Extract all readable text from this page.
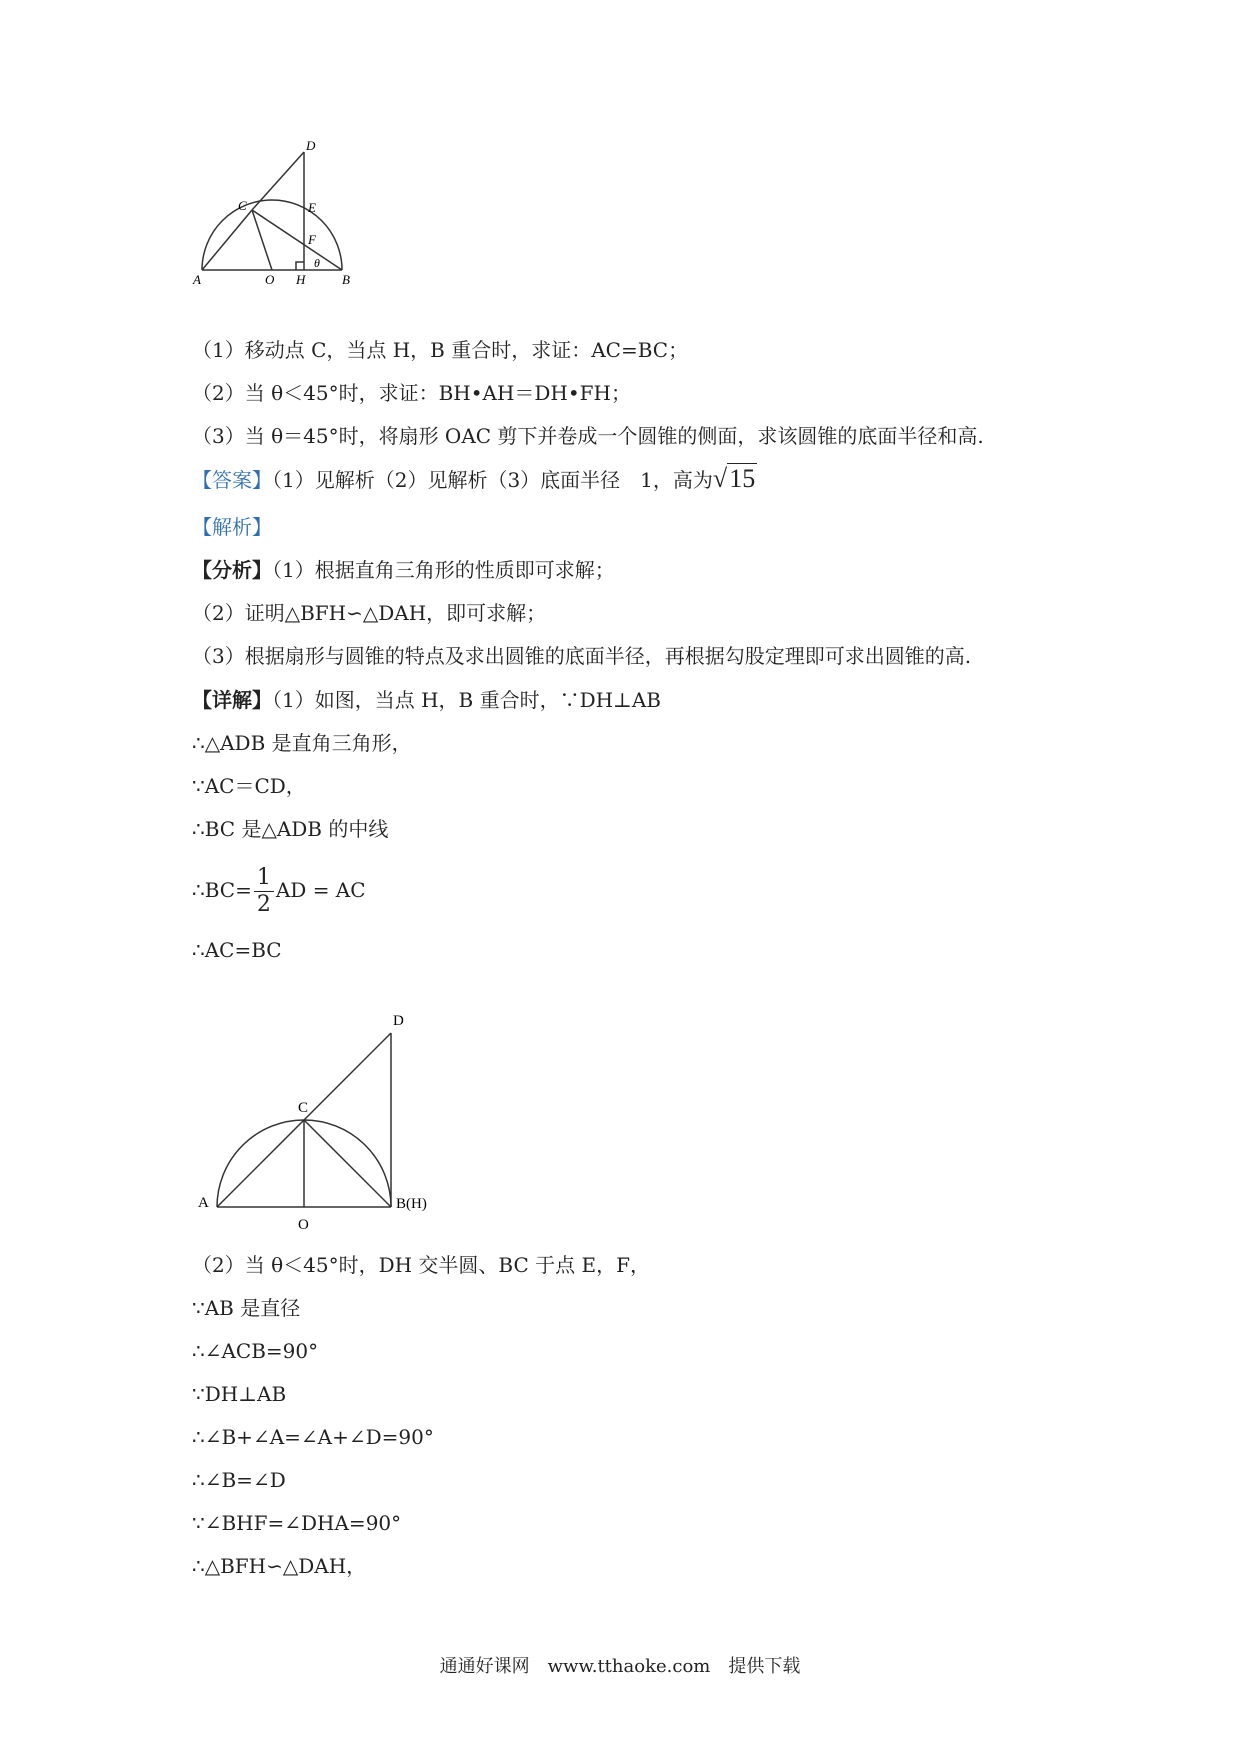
D
C	E
F
θ
A	O H	B
（1）移动点 C，当点 H，B 重合时，求证：AC=BC；
（2）当 θ＜45°时，求证：BH•AH＝DH•FH；
（3）当 θ＝45°时，将扇形 OAC 剪下并卷成一个圆锥的侧面，求该圆锥的底面半径和高.
【答案】（1）见解析（2）见解析（3）底面半径　1，高为√15
【解析】
【分析】（1）根据直角三角形的性质即可求解；
（2）证明△BFH∽△DAH，即可求解；
（3）根据扇形与圆锥的特点及求出圆锥的底面半径，再根据勾股定理即可求出圆锥的高.
【详解】（1）如图，当点 H，B 重合时，∵DH⊥AB
∴△ADB 是直角三角形，
∵AC＝CD，
∴BC 是△ADB 的中线
∴BC= $\frac{1}{2}$ AD = AC
∴AC=BC
D
C
A
O
B(H)
（2）当 θ＜45°时，DH 交半圆、BC 于点 E，F，
∵AB 是直径
∴∠ACB=90°
∵DH⊥AB
∴∠B+∠A=∠A+∠D=90°
∴∠B=∠D
∵∠BHF=∠DHA=90°
∴△BFH∽△DAH，
通通好课网　www.tthaoke.com　提供下载
